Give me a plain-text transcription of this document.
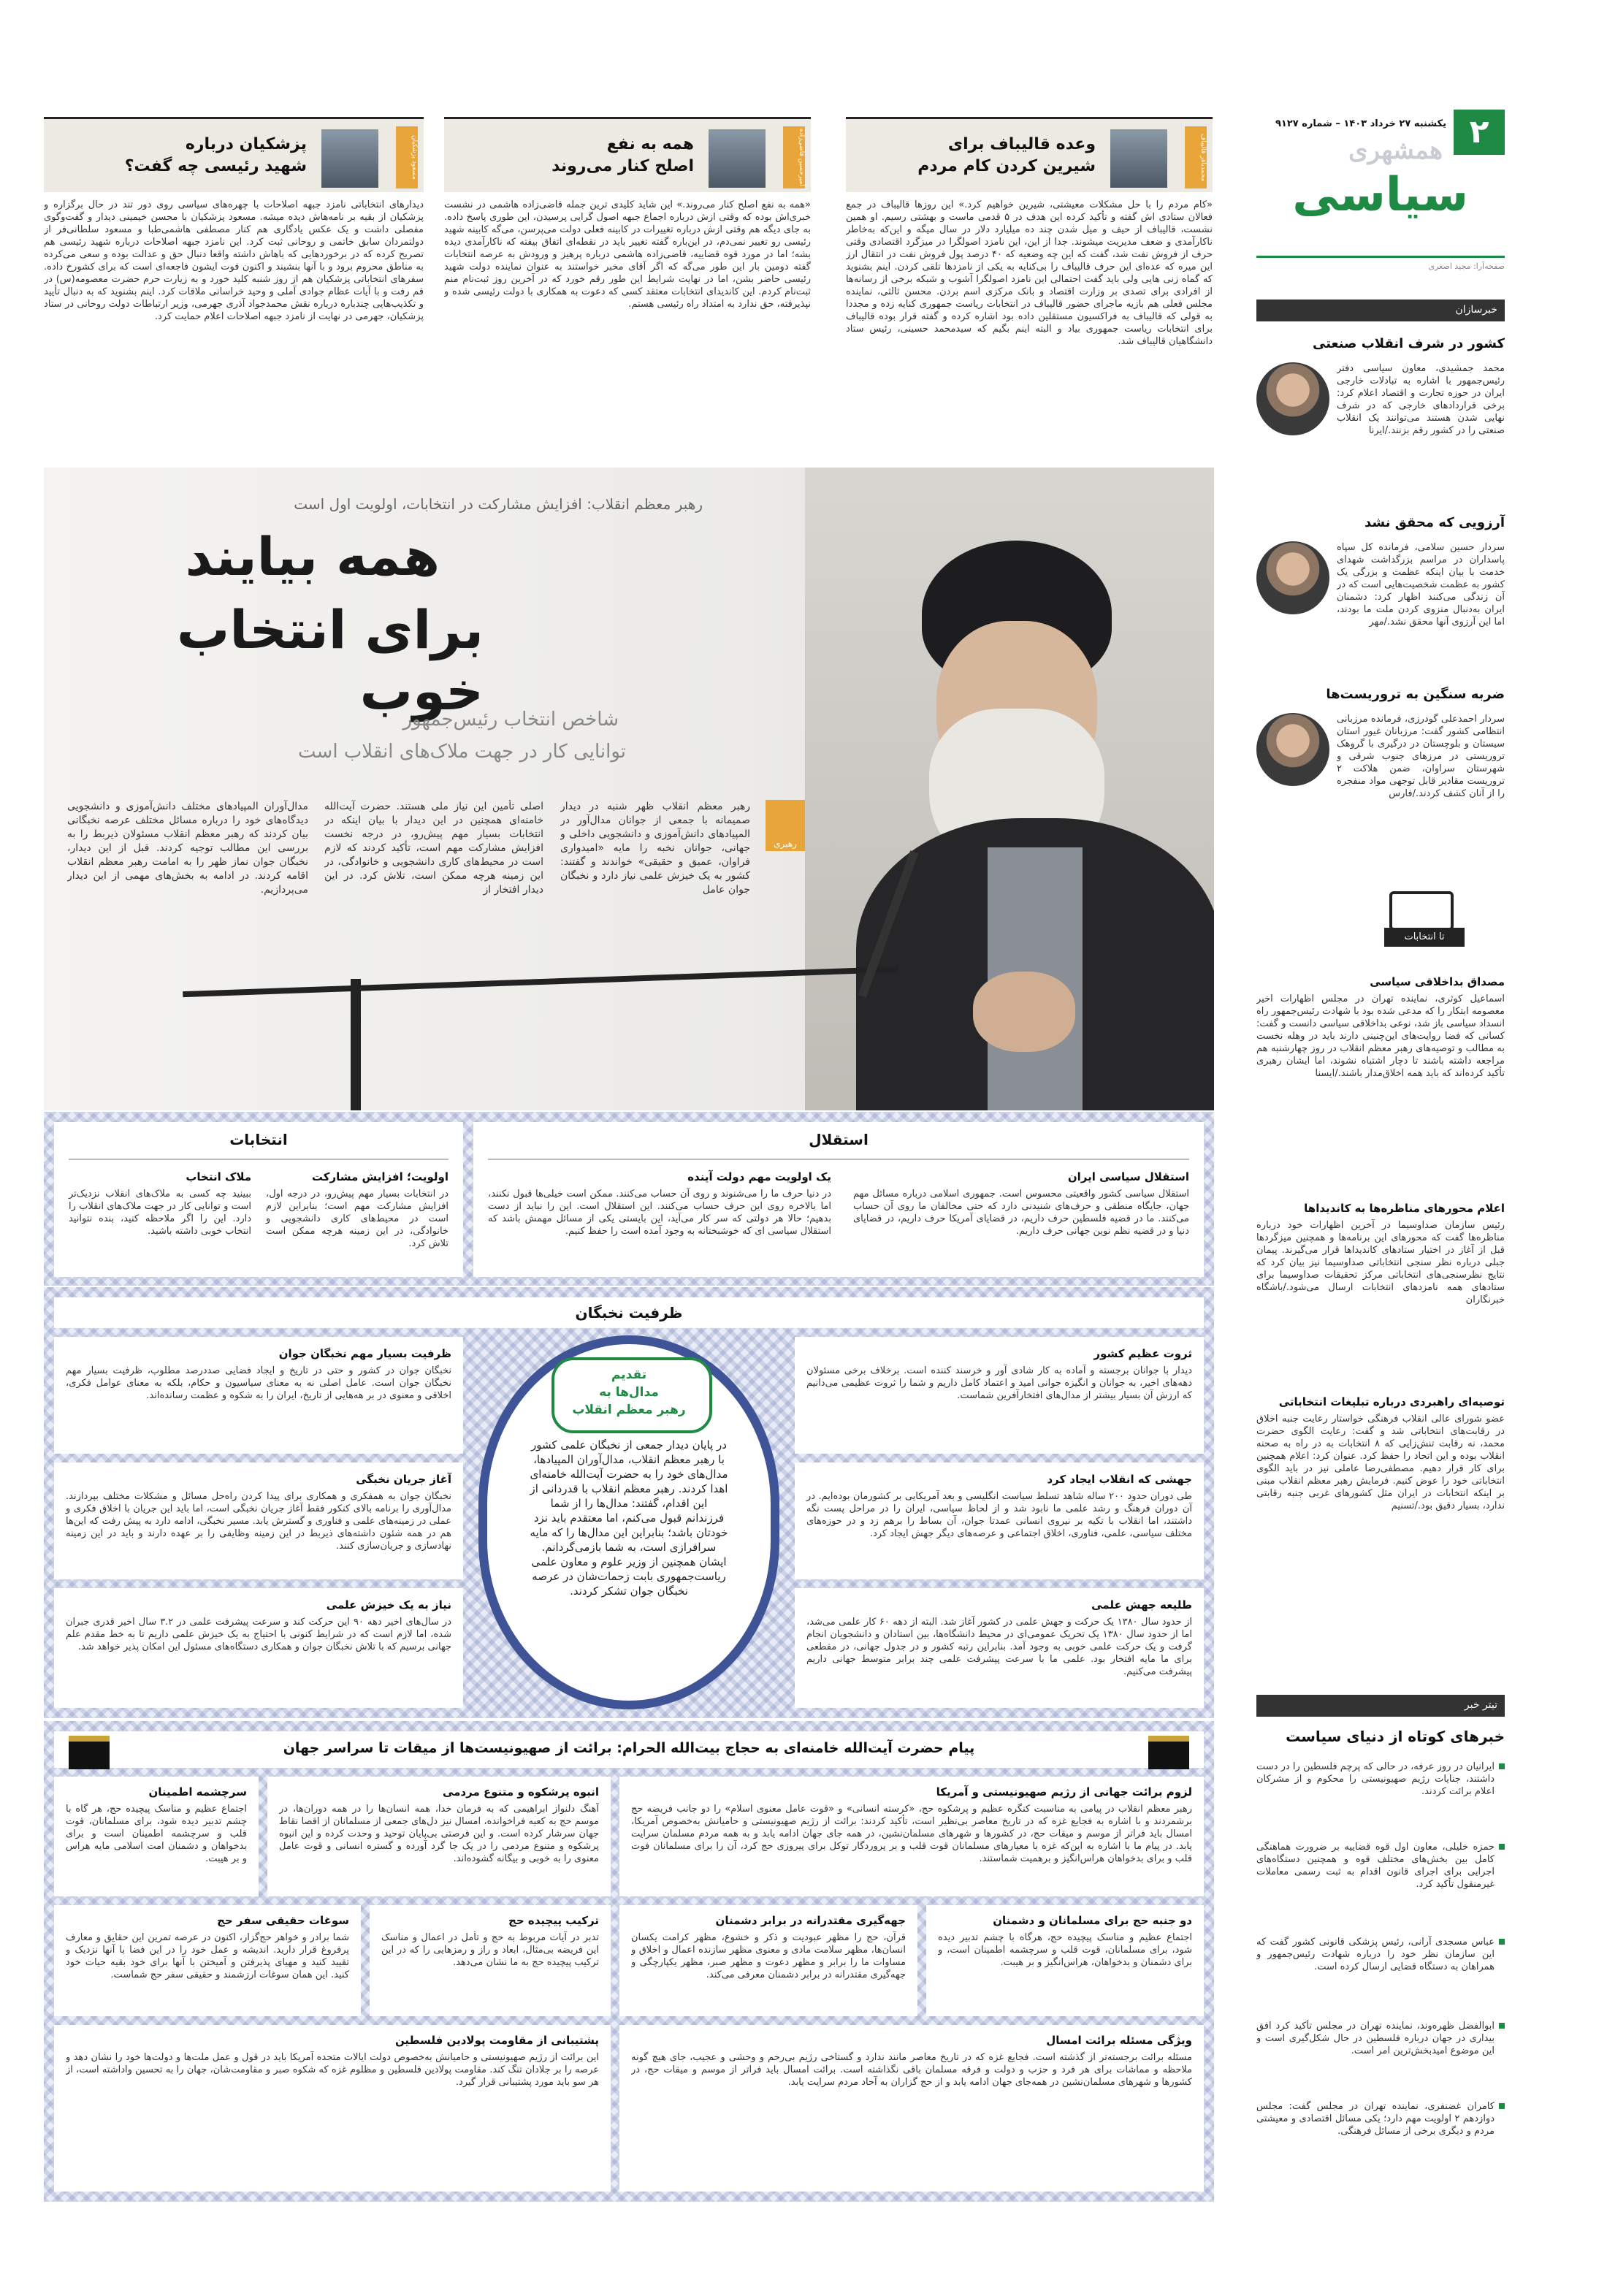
۲
یکشنبه ۲۷ خرداد ۱۴۰۳ – شماره ۹۱۲۷
همشهری
سیاسی
صفحه‌آرا: مجید اصغری
محمدباقر قالیباف
وعده قالیباف برای
شیرین کردن کام مردم
«کام مردم را با حل مشکلات معیشتی، شیرین خواهیم کرد.» این روزها قالیباف در جمع فعالان ستادی اش گفته و تأکید کرده این هدف در ۵ قدمی ماست و بهشتی رسیم. او همین نشست، قالیباف از حیف و میل شدن چند ده میلیارد دلار در سال میگه و این‌که به‌خاطر ناکارآمدی و ضعف مدیریت میشوند. جدا از این، این نامزد اصولگرا در میزگرد اقتصادی وقتی حرف از فروش نفت شد، گفت که این چه وضعیه که ۴۰ درصد پول فروش نفت در انتقال ارز این میره که عده‌ای این حرف قالیباف را بی‌کنایه به یکی از نامزدها تلقی کردن. اینم بشنوید که گماه زنی هایی ولی باید گفت احتمالی این نامزد اصولگرا آشوب و شبکه برخی از رسانه‌ها از افرادی برای تصدی بر وزارت اقتصاد و بانک مرکزی اسم بردن. محسن ثالثی، نماینده مجلس فعلی هم بازیه ماجرای حضور قالیباف در انتخابات ریاست جمهوری کنایه زده و مجددا به قولی که قالیباف به فراکسیون مستقلین داده بود اشاره کرده و گفته قرار بوده قالیباف برای انتخابات ریاست جمهوری بیاد و البته اینم بگیم که سیدمحمد حسینی، رئیس ستاد دانشگاهیان قالیباف شد.
امیرحسین قاضی‌زاده
همه به نفع
اصلح کنار می‌روند
«همه به نفع اصلح کنار می‌روند.» این شاید کلیدی ترین جمله قاضی‌زاده هاشمی در نشست خبری‌اش بوده که وقتی ازش درباره اجماع جبهه اصول گرایی پرسیدن، این طوری پاسخ داده. به جای دیگه هم وقتی ازش درباره تغییرات در کابینه فعلی دولت می‌پرسن، می‌گه کابینه شهید رئیسی رو تغییر نمی‌دم، در این‌باره گفته تغییر باید در نقطه‌ای اتفاق بیفته که ناکارآمدی دیده بشه؛ اما در مورد قوه قضاییه، قاضی‌زاده هاشمی درباره پرهیز و ورودش به عرصه انتخابات گفته دومین بار این طور می‌گه که اگر آقای مخبر خواستند به عنوان نماینده دولت شهید رئیسی حاضر بشن، اما در نهایت شرایط این طور رقم خورد که در آخرین روز ثبت‌نام منم ثبت‌نام کردم. این کاندیدای انتخابات معتقد کسی که دعوت به همکاری با دولت رئیسی شده و نپذیرفته، حق ندارد به امتداد راه رئیسی هستم.
مسعود پزشکیان
پزشکیان درباره
شهید رئیسی چه گفت؟
دیدارهای انتخاباتی نامزد جبهه اصلاحات با چهره‌های سیاسی روی دور تند در حال برگزاره و پزشکیان از بقیه بر نامه‌هاش دیده میشه. مسعود پزشکیان با محسن خیمینی دیدار و گفت‌وگوی مفصلی داشت و یک عکس یادگاری هم کنار مصطفی هاشمی‌طبا و مسعود سلطانی‌فر از دولتمردان سابق خاتمی و روحانی ثبت کرد. این نامزد جبهه اصلاحات درباره شهید رئیسی هم تصریح کرده که در برخوردهایی که باهاش داشته واقعا دنبال حق و عدالت بوده و سعی می‌کرده به مناطق محروم برود و با آنها بنشیند و اکنون فوت ایشون فاجعه‌ای است که برای کشورخ داده. سفرهای انتخاباتی پزشکیان هم از روز شنبه کلید خورد و به زیارت حرم حضرت معصومه(س) در قم رفت و با آیات عظام جوادی آملی و وحید خراسانی ملاقات کرد. اینم بشنوید که به دنبال تأیید و تکذیب‌هایی چندباره درباره نقش محمدجواد آذری جهرمی، وزیر ارتباطات دولت روحانی در ستاد پزشکیان، جهرمی در نهایت از نامزد جبهه اصلاحات اعلام حمایت کرد.
رهبر معظم انقلاب: افزایش مشارکت در انتخابات، اولویت اول است
همه بیایند
برای انتخاب خوب
شاخص انتخاب رئیس‌جمهور
توانایی کار در جهت ملاک‌های انقلاب است
رهبری
رهبر معظم انقلاب ظهر شنبه در دیدار صمیمانه با جمعی از جوانان مدال‌آور در المپیادهای دانش‌آموزی و دانشجویی داخلی و جهانی، جوانان نخبه را مایه «امیدواری فراوان، عمیق و حقیقی» خواندند و گفتند: کشور به یک خیزش علمی نیاز دارد و نخبگان جوان عامل
اصلی تأمین این نیاز ملی هستند. حضرت آیت‌الله خامنه‌ای همچنین در این دیدار با بیان اینکه در انتخابات بسیار مهم پیش‌رو، در درجه نخست افزایش مشارکت مهم است، تأکید کردند که لازم است در محیط‌های کاری دانشجویی و خانوادگی، در این زمینه هرچه ممکن است، تلاش کرد. در این دیدار افتخار از
مدال‌آوران المپیادهای مختلف دانش‌آموزی و دانشجویی دیدگاه‌های خود را درباره مسائل مختلف عرصه نخبگانی بیان کردند که رهبر معظم انقلاب مسئولان ذیربط را به بررسی این مطالب توجیه کردند. قبل از این دیدار، نخبگان جوان نماز ظهر را به امامت رهبر معظم انقلاب اقامه کردند. در ادامه به بخش‌های مهمی از این دیدار می‌پردازیم.
استقلال
استقلال سیاسی ایران
استقلال سیاسی کشور واقعیتی محسوس است. جمهوری اسلامی درباره مسائل مهم جهان، جایگاه منطقی و حرف‌های شنیدنی دارد که حتی مخالفان ما روی آن حساب می‌کنند. ما در قضیه فلسطین حرف داریم، در قضایای آمریکا حرف داریم، در قضایای دنیا و در قضیه نظم نوین جهانی حرف داریم.
یک اولویت مهم دولت آینده
در دنیا حرف ما را می‌شنوند و روی آن حساب می‌کنند. ممکن است خیلی‌ها قبول نکنند، اما بالاخره روی این حرف حساب می‌کنند. این استقلال است. این را نباید از دست بدهیم؛ حالا هر دولتی که سر کار می‌آید، این بایستی یکی از مسائل مهمش باشد که استقلال سیاسی ای که خوشبختانه به وجود آمده است را حفظ کنیم.
انتخابات
اولویت؛ افزایش مشارکت
در انتخابات بسیار مهم پیش‌رو، در درجه اول، افزایش مشارکت مهم است؛ بنابراین لازم است در محیط‌های کاری دانشجویی و خانوادگی، در این زمینه هرچه ممکن است تلاش کرد.
ملاک انتخاب
ببینید چه کسی به ملاک‌های انقلاب نزدیک‌تر است و توانایی کار در جهت ملاک‌های انقلاب را دارد. این را اگر ملاحظه کنید، بنده نتوانید انتخاب خوبی داشته باشید.
ظرفیت نخبگان
ثروت عظیم کشور
دیدار با جوانان برجسته و آماده به کار شادی آور و خرسند کننده است. برخلاف برخی مسئولان دهه‌های اخیر، به جوانان و انگیزه جوانی امید و اعتماد کامل داریم و شما را ثروت عظیمی می‌دانیم که ارزش آن بسیار بیشتر از مدال‌های افتخارآفرین شماست.
جهشی که انقلاب ایجاد کرد
طی دوران حدود ۲۰۰ ساله شاهد تسلط سیاست انگلیسی و بعد آمریکایی بر کشورمان بوده‌ایم. در آن دوران فرهنگ و رشد علمی ما نابود شد و از لحاظ سیاسی، ایران را در مراحل پست نگه داشتند، اما انقلاب با تکیه بر نیروی انسانی عمدتا جوان، آن بساط را برهم زد و در حوزه‌های مختلف سیاسی، علمی، فناوری، اخلاق اجتماعی و عرصه‌های دیگر جهش ایجاد کرد.
طلیعه جهش علمی
از حدود سال ۱۳۸۰ یک حرکت و جهش علمی در کشور آغاز شد. البته از دهه ۶۰ کار علمی می‌شد، اما از حدود سال ۱۳۸۰ یک تحریک عمومی‌ای در محیط دانشگاه‌ها، بین استادان و دانشجویان انجام گرفت و یک حرکت علمی خوبی به وجود آمد. بنابراین رتبه کشور و در جدول جهانی، در مقطعی برای ما مایه افتخار بود. علمی ما با سرعت پیشرفت علمی چند برابر متوسط جهانی داریم پیشرفت می‌کنیم.
ظرفیت بسیار مهم نخبگان جوان
نخبگان جوان در کشور و حتی در تاریخ و ایجاد فضایی صددرصد مطلوب، ظرفیت بسیار مهم نخبگان جوان است. عامل اصلی نه به معنای سیاسیون و حکام، بلکه به معنای عوامل فکری، اخلاقی و معنوی در بر هه‌هایی از تاریخ، ایران را به شکوه و عظمت رسانده‌اند.
آغاز جریان نخبگی
نخبگان جوان به همفکری و همکاری برای پیدا کردن راه‌حل مسائل و مشکلات مختلف بپردازند. مدال‌آوری را برنامه بالای کنکور فقط آغاز جریان نخبگی است، اما باید این جریان با اخلاق فکری و عملی در زمینه‌های علمی و فناوری و گسترش یابد. مسیر نخبگی، ادامه دارد به پیش رفت که این‌ها هم در همه شئون داشته‌های ذیربط در این زمینه وظایفی را بر عهده دارند و باید در این زمینه نهادسازی و جریان‌سازی کنند.
نیاز به یک خیزش علمی
در سال‌های اخیر دهه ۹۰ این حرکت کند و سرعت پیشرفت علمی در ۳.۲ سال اخیر قدری جبران شده، اما لازم است که در شرایط کنونی با احتیاج به یک خیزش علمی داریم تا به خط مقدم علم جهانی برسیم که با تلاش نخبگان جوان و همکاری دستگاه‌های مسئول این امکان پذیر خواهد شد.
تقدیم
مدال‌ها به
رهبر معظم انقلاب
در پایان دیدار جمعی از نخبگان علمی کشور با رهبر معظم انقلاب، مدال‌آوران المپیادها، مدال‌های خود را به حضرت آیت‌الله خامنه‌ای اهدا کردند. رهبر معظم انقلاب با قدردانی از این اقدام، گفتند: مدال‌ها را از شما فرزندانم قبول می‌کنم، اما معتقدم باید نزد خودتان باشد؛ بنابراین این مدال‌ها را که مایه سرافرازی است، به شما بازمی‌گردانم. ایشان همچنین از وزیر علوم و معاون علمی ریاست‌جمهوری بابت زحمات‌شان در عرصه نخبگان جوان تشکر کردند.
پیام حضرت آیت‌الله خامنه‌ای به حجاج بیت‌الله الحرام: برائت از صهیونیست‌ها از میقات تا سراسر جهان
لزوم برائت جهانی از رژیم صهیونیستی و آمریکا
رهبر معظم انقلاب در پیامی به مناسبت کنگره عظیم و پرشکوه حج، «کرسته انسانی» و «قوت عامل معنوی اسلام» را دو جانب فریضه حج برشمردند و با اشاره به فجایع غزه که در تاریخ معاصر بی‌نظیر است، تأکید کردند: برائت از رژیم صهیونیستی و حامیانش به‌خصوص آمریکا، امسال باید فراتر از موسم و میقات حج، در کشورها و شهرهای مسلمان‌نشین، در همه جای جهان ادامه یابد و به همه مردم مسلمان سرایت یابد. در پیام ما با اشاره به این‌که غزه با معیارهای مسلمانان قوت قلب و بر پروردگار توکل برای پیروزی حج کرد، آن را برای مسلمانان فوت قلب و برای بدخواهان هراس‌انگیز و برهمیت شماستند.
انبوه پرشکوه و متنوع مردمی
آهنگ دلنواز ابراهیمی که به فرمان خدا، همه انسان‌ها را در همه دوران‌ها، در موسم حج به کعبه فراخوانده، امسال نیز دل‌های جمعی از مسلمانان از اقصا نقاط جهان سرشار کرده است. و این فرصتی بی‌پایان توحید و وحدت کرده و این انبوه پرشکوه و متنوع مردمی را در یک جا گرد آورده و گستره انسانی و قوت عامل معنوی را به خوبی و بیگانه گشوده‌اند.
سرچشمه اطمینان
اجتماع عظیم و مناسک پیچیده حج، هر گاه با چشم تدبیر دیده شود، برای مسلمانان، قوت قلب و سرچشمه اطمینان است و برای بدخواهان و دشمنان امت اسلامی مایه هراس و بر هیبت.
دو جنبه حج برای مسلمانان و دشمنان
اجتماع عظیم و مناسک پیچیده حج، هرگاه با چشم تدبیر دیده شود، برای مسلمانان، قوت قلب و سرچشمه اطمینان است، و برای دشمنان و بدخواهان، هراس‌انگیز و بر هیبت.
جهه‌گیری مقتدرانه در برابر دشمنان
قرآن، حج را مظهر عبودیت و ذکر و خشوع، مظهر کرامت یکسان انسان‌ها، مظهر سلامت مادی و معنوی مظهر سازنده اعمال و اخلاق و مساوات ما را برابر و مظهر دعوت و مظهر صبر، مظهر یکپارچگی و جهه‌گیری مقتدرانه در برابر دشمنان معرفی می‌کند.
ترکیب پیچیده حج
تدبر در آیات مربوط به حج و تأمل در اعمال و مناسک این فریضه بی‌مثال، ابعاد و راز و رمزهایی را که در این ترکیب پیچیده حج به ما نشان می‌دهد.
سوغات حقیقی سفر حج
شما برادر و خواهر حج‌گزار، اکنون در عرصه تمرین این حقایق و معارف پرفروغ قرار دارید. اندیشه و عمل خود را در این فضا با آنها نزدیک و تقیید کنید و مهیای پذیرفتن و آمیختن با آنها برای خود بقیه حیات خود کنید. این همان سوغات ارزشمند و حقیقی سفر حج شماست.
ویژگی مسئله برائت امسال
مسئله برائت برجسته‌تر از گذشته است. فجایع غزه که در تاریخ معاصر مانند ندارد و گستاخی رژیم بی‌رحم و وحشی و عجیب، جای هیچ گونه ملاحظه و مماشات برای هر فرد و حزب و دولت و فرقه مسلمان باقی نگذاشته است. برائت امسال باید فراتر از موسم و میقات حج، در کشورها و شهرهای مسلمان‌نشین در همه‌جای جهان ادامه یابد و از حج گزاران به آحاد مردم سرایت یابد.
پشتیبانی از مقاومت پولادین فلسطین
این برائت از رژیم صهیونیستی و حامیانش به‌خصوص دولت ایالات متحده آمریکا باید در قول و عمل ملت‌ها و دولت‌ها خود را نشان دهد و عرصه را بر جلادان تنگ کند. مقاومت پولادین فلسطین و مظلوم غزه که شکوه صبر و مقاومت‌شان، جهان را به تحسین واداشته است، از هر سو باید مورد پشتیبانی قرار گیرد.
خبرسازان
کشور در شرف انقلاب صنعتی
محمد جمشیدی، معاون سیاسی دفتر رئیس‌جمهور با اشاره به تبادلات خارجی ایران در حوزه تجارت و اقتصاد اعلام کرد: برخی قراردادهای خارجی که در شرف نهایی شدن هستند می‌توانند یک انقلاب صنعتی را در کشور رقم بزنند./ایرنا
آرزویی که محقق نشد
سردار حسین سلامی، فرمانده کل سپاه پاسداران در مراسم بزرگداشت شهدای خدمت با بیان اینکه عظمت و بزرگی یک کشور به عظمت شخصیت‌هایی است که در آن زندگی می‌کنند اظهار کرد: دشمنان ایران به‌دنبال منزوی کردن ملت ما بودند، اما این آرزوی آنها محقق نشد./مهر
ضربه سنگین به تروریست‌ها
سردار احمدعلی گودرزی، فرمانده مرزبانی انتظامی کشور گفت: مرزبانان غیور استان سیستان و بلوچستان در درگیری با گروهک تروریستی در مرزهای جنوب شرقی و شهرستان سراوان، ضمن هلاکت ۲ تروریست مقادیر قابل توجهی مواد منفجره را از آنان کشف کردند./فارس
تا انتخابات
مصداق بداخلاقی سیاسی
اسماعیل کوثری، نماینده تهران در مجلس اظهارات اخیر معصومه ابتکار را که مدعی شده بود با شهادت رئیس‌جمهور راه انسداد سیاسی باز شد، نوعی بداخلاقی سیاسی دانست و گفت: کسانی که فضا روایت‌های این‌چنینی دارند باید در وهله نخست به مطالب و توصیه‌های رهبر معظم انقلاب در روز چهارشنبه هم مراجعه داشته باشند تا دچار اشتباه نشوند، اما ایشان رهبری تأکید کرده‌اند که باید همه اخلاق‌مدار باشند./ایسنا
اعلام محورهای مناظره‌ها به کاندیداها
رئیس سازمان صداوسیما در آخرین اظهارات خود درباره مناظره‌ها گفت که محورهای این برنامه‌ها و همچنین میزگردها قبل از آغاز در اختیار ستادهای کاندیداها قرار می‌گیرند. پیمان جبلی درباره نظر سنجی انتخاباتی صداوسیما نیز بیان کرد که نتایج نظرسنجی‌های انتخاباتی مرکز تحقیقات صداوسیما برای ستادهای همه نامزدهای انتخابات ارسال می‌شود./باشگاه خبرنگاران
توصیه‌ای راهبردی درباره تبلیغات انتخاباتی
عضو شورای عالی انقلاب فرهنگی خواستار رعایت جنبه اخلاق در رقابت‌های انتخاباتی شد و گفت: رعایت الگوی حضرت محمد، نه رقابت تنش‌زایی که ۸ انتخابات به در راه به صحنه انقلاب بوده و این اتحاد را حفظ کرد. عنوان کرد: اعلام همچنین برای کار قرار دهیم. مصطفی‌رضا عاملی نیز در باید الگوی انتخاباتی خود را عوض کنیم. فرمایش رهبر معظم انقلاب مبنی بر اینکه انتخابات در ایران مثل کشورهای غربی جنبه رقابتی ندارد، بسیار دقیق بود./تسنیم
تیتر خبر
خبرهای کوتاه از دنیای سیاست
ایرانیان در روز عرفه، در حالی که پرچم فلسطین را در دست داشتند، جنایات رژیم صهیونیستی را محکوم و از مشرکان اعلام برائت کردند.
حمزه خلیلی، معاون اول قوه قضاییه بر ضرورت هماهنگی کامل بین بخش‌های مختلف قوه و همچنین دستگاه‌های اجرایی برای اجرای قانون اقدام به ثبت رسمی معاملات غیرمنقول تأکید کرد.
عباس مسجدی آرانی، رئیس پزشکی قانونی کشور گفت که این سازمان نظر خود را درباره شهادت رئیس‌جمهور و همراهان به دستگاه قضایی ارسال کرده است.
ابوالفضل ظهره‌وند، نماینده تهران در مجلس تأکید کرد افق بیداری در جهان درباره فلسطین در حال شکل‌گیری است و این موضوع امیدبخش‌ترین امر است.
کامران غضنفری، نماینده تهران در مجلس گفت: مجلس دوازدهم ۲ اولویت مهم دارد؛ یکی مسائل اقتصادی و معیشتی مردم و دیگری برخی از مسائل فرهنگی.
